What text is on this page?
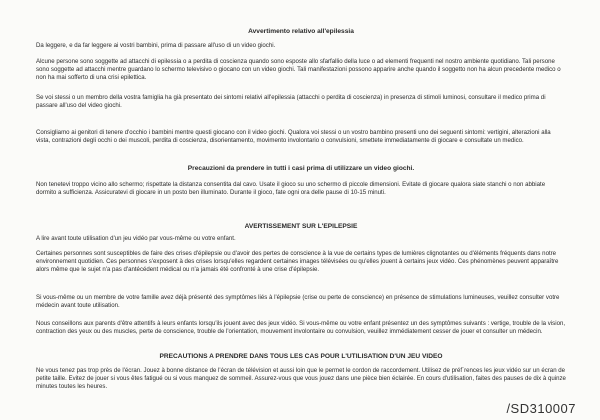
Avvertimento relativo all'epilessia

Da leggere, e da far leggere ai vostri bambini, prima di passare all'uso di un video giochi.

Alcune persone sono soggette ad attacchi di epilessia o a perdita di coscienza quando sono esposte allo sfarfallio della luce o ad elementi frequenti nel nostro ambiente quotidiano. Tali persone sono soggette ad attacchi mentre guardano lo schermo televisivo o giocano con un video giochi. Tali manifestazioni possono apparire anche quando il soggetto non ha alcun precedente medico o non ha mai sofferto di una crisi epilettica.

Se voi stessi o un membro della vostra famiglia ha già presentato dei sintomi relativi all'epilessia (attacchi o perdita di coscienza) in presenza di stimoli luminosi, consultare il medico prima di passare all'uso del video giochi.

Consigliamo ai genitori di tenere d'occhio i bambini mentre questi giocano con il video giochi. Qualora voi stessi o un vostro bambino presenti uno dei seguenti sintomi: vertigini, alterazioni alla vista, contrazioni degli occhi o dei muscoli, perdita di coscienza, disorientamento, movimento involontario o convulsioni, smettete immediatamente di giocare e consultate un medico.

Precauzioni da prendere in tutti i casi prima di utilizzare un video giochi.

Non tenetevi troppo vicino allo schermo; rispettate la distanza consentita dal cavo. Usate il gioco su uno schermo di piccole dimensioni. Evitate di giocare qualora siate stanchi o non abbiate dormito a sufficienza. Assicuratevi di giocare in un posto ben illuminato. Durante il gioco, fate ogni ora delle pause di 10-15 minuti.

AVERTISSEMENT SUR L'EPILEPSIE

A lire avant toute utilisation d'un jeu vidéo par vous-même ou votre enfant.

Certaines personnes sont susceptibles de faire des crises d'épilepsie ou d'avoir des pertes de conscience à la vue de certains types de lumières clignotantes ou d'éléments fréquents dans notre environnement quotidien. Ces personnes s'exposent à des crises lorsqu'elles regardent certaines images télévisées ou qu'elles jouent à certains jeux vidéo. Ces phénomènes peuvent apparaître alors même que le sujet n'a pas d'antécédent médical ou n'a jamais été confronté à une crise d'épilepsie.

Si vous-même ou un membre de votre famille avez déjà présenté des symptômes liés à l'épilepsie (crise ou perte de conscience) en présence de stimulations lumineuses, veuillez consulter votre médecin avant toute utilisation.

Nous conseillons aux parents d'être attentifs à leurs enfants lorsqu'ils jouent avec des jeux vidéo. Si vous-même ou votre enfant présentez un des symptômes suivants : vertige, trouble de la vision, contraction des yeux ou des muscles, perte de conscience, trouble de l'orientation, mouvement involontaire ou convulsion, veuillez immédiatement cesser de jouer et consulter un médecin.

PRECAUTIONS A PRENDRE DANS TOUS LES CAS POUR L'UTILISATION D'UN JEU VIDEO

Ne vous tenez pas trop près de l'écran. Jouez à bonne distance de l'écran de télévision et aussi loin que le permet le cordon de raccordement. Utilisez de préf´rences les jeux vidéo sur un écran de petite taille. Evitez de jouer si vous êtes fatigué ou si vous manquez de sommeil. Assurez-vous que vous jouez dans une pièce bien éclairée. En cours d'utilisation, faites des pauses de dix à quinze minutes toutes les heures.

/SD310007
